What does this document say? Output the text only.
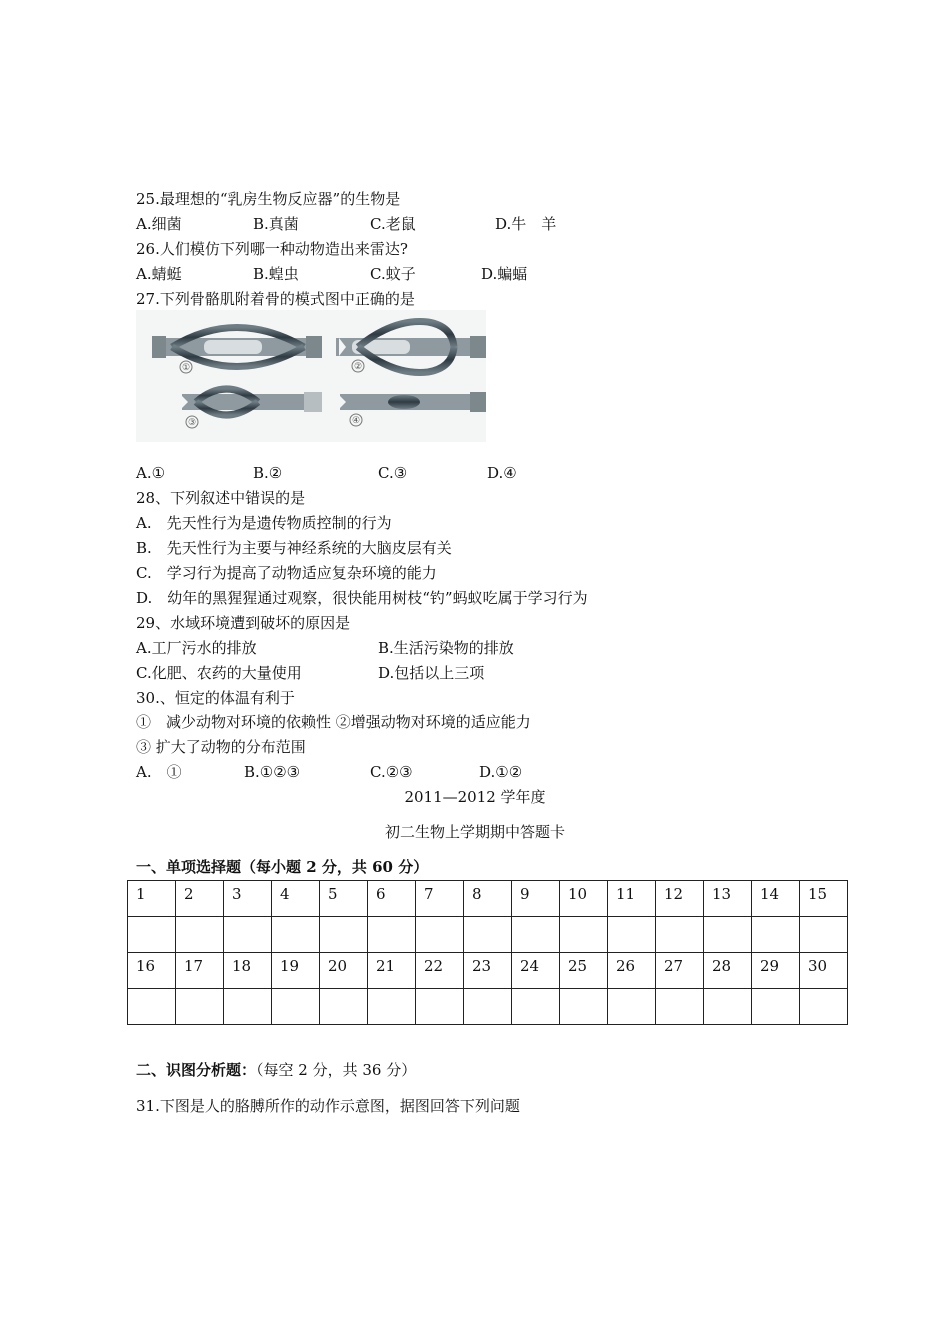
25.最理想的“乳房生物反应器”的生物是
A.细菌	B.真菌	C.老鼠	D.牛　羊
26.人们模仿下列哪一种动物造出来雷达?
A.蜻蜓	B.蝗虫	C.蚊子	D.蝙蝠
27.下列骨骼肌附着骨的模式图中正确的是
①	②
③	④
A.①	B.②	C.③	D.④
28、下列叙述中错误的是
A.　先天性行为是遗传物质控制的行为
B.　先天性行为主要与神经系统的大脑皮层有关
C.　学习行为提高了动物适应复杂环境的能力
D.　幼年的黑猩猩通过观察，很快能用树枝“钓”蚂蚁吃属于学习行为
29、水域环境遭到破坏的原因是
A.工厂污水的排放	B.生活污染物的排放
C.化肥、农药的大量使用	D.包括以上三项
30.、恒定的体温有利于
①　减少动物对环境的依赖性 ②增强动物对环境的适应能力
③ 扩大了动物的分布范围
A.　①	B.①②③	C.②③	D.①②
2011—2012 学年度
初二生物上学期期中答题卡
一、单项选择题（每小题 2 分，共 60 分）
1	2	3	4	5	6	7	8	9	10	11	12	13	14	15

16	17	18	19	20	21	22	23	24	25	26	27	28	29	30

二、识图分析题：（每空 2 分，共 36 分）
31.下图是人的胳膊所作的动作示意图，据图回答下列问题
